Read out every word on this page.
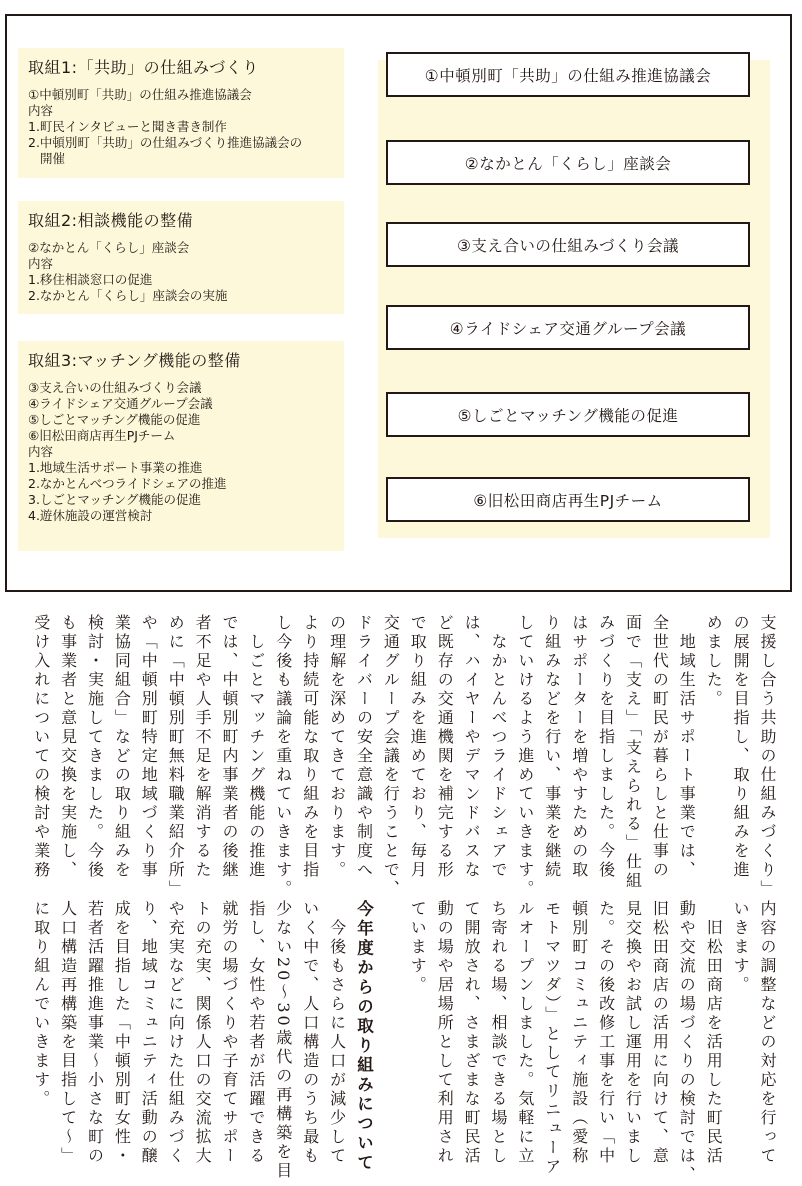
取組1:「共助」の仕組みづくり
①中頓別町「共助」の仕組み推進協議会
内容
1.町民インタビューと聞き書き制作
2.中頓別町「共助」の仕組みづくり推進協議会の
開催
取組2:相談機能の整備
②なかとん「くらし」座談会
内容
1.移住相談窓口の促進
2.なかとん「くらし」座談会の実施
取組3:マッチング機能の整備
③支え合いの仕組みづくり会議
④ライドシェア交通グループ会議
⑤しごとマッチング機能の促進
⑥旧松田商店再生PJチーム
内容
1.地域生活サポート事業の推進
2.なかとんべつライドシェアの推進
3.しごとマッチング機能の促進
4.遊休施設の運営検討
①中頓別町「共助」の仕組み推進協議会
②なかとん「くらし」座談会
③支え合いの仕組みづくり会議
④ライドシェア交通グループ会議
⑤しごとマッチング機能の促進
⑥旧松田商店再生PJチーム
支援し合う共助の仕組みづくり」
の展開を目指し、取り組みを進
めました。
　地域生活サポート事業では、
全世代の町民が暮らしと仕事の
面で「支え」「支えられる」仕組
みづくりを目指しました。今後
はサポーターを増やすための取
り組みなどを行い、事業を継続
していけるよう進めていきます。
　なかとんべつライドシェアで
は、ハイヤーやデマンドバスな
ど既存の交通機関を補完する形
で取り組みを進めており、毎月
交通グループ会議を行うことで、
ドライバーの安全意識や制度へ
の理解を深めてきております。
より持続可能な取り組みを目指
し今後も議論を重ねていきます。
　しごとマッチング機能の推進
では、中頓別町内事業者の後継
者不足や人手不足を解消するた
めに「中頓別町無料職業紹介所」
や「中頓別町特定地域づくり事
業協同組合」などの取り組みを
検討・実施してきました。今後
も事業者と意見交換を実施し、
受け入れについての検討や業務
内容の調整などの対応を行って
いきます。
　旧松田商店を活用した町民活
動や交流の場づくりの検討では、
旧松田商店の活用に向けて、意
見交換やお試し運用を行いまし
た。その後改修工事を行い「中
頓別町コミュニティ施設（愛称
モトマツダ）」としてリニューア
ルオープンしました。気軽に立
ち寄れる場、相談できる場とし
て開放され、さまざまな町民活
動の場や居場所として利用され
ています。
今年度からの取り組みについて
　今後もさらに人口が減少して
いく中で、人口構造のうち最も
少ない20～30歳代の再構築を目
指し、女性や若者が活躍できる
就労の場づくりや子育てサポー
トの充実、関係人口の交流拡大
や充実などに向けた仕組みづく
り、地域コミュニティ活動の醸
成を目指した「中頓別町女性・
若者活躍推進事業～小さな町の
人口構造再構築を目指して～」
に取り組んでいきます。
